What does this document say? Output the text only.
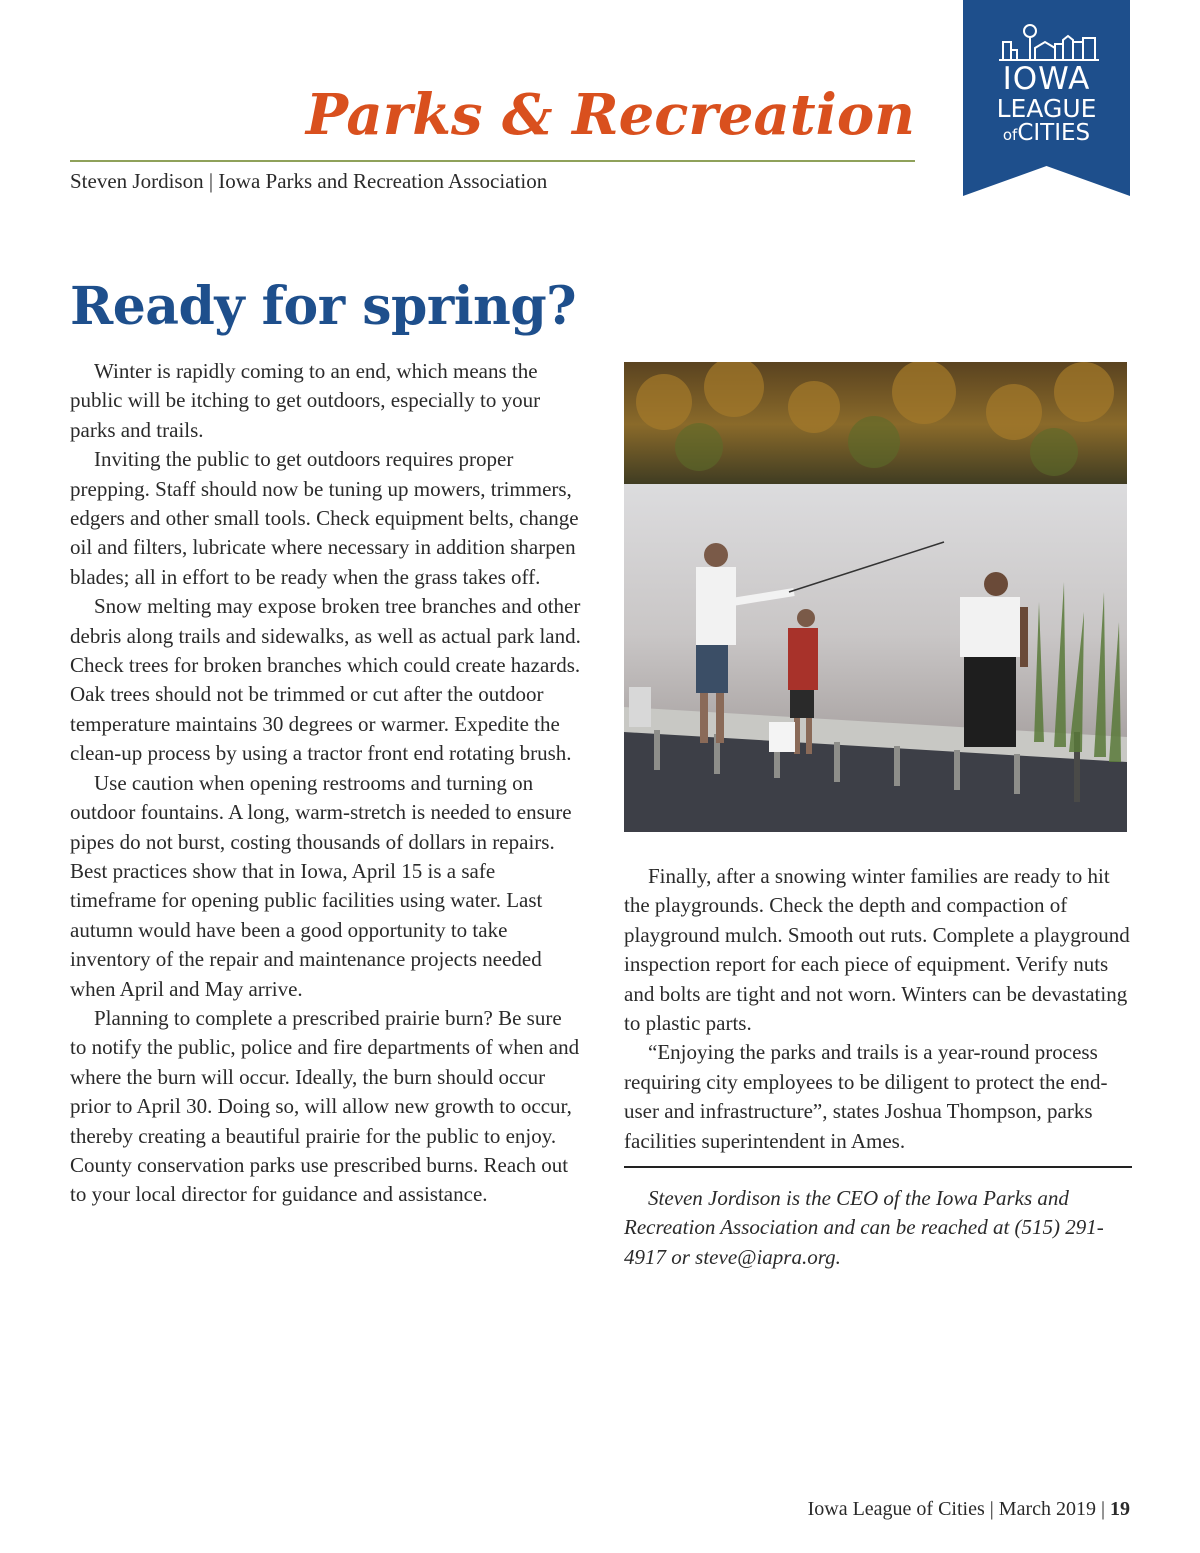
Parks & Recreation
Steven Jordison | Iowa Parks and Recreation Association
IOWA
LEAGUE
ofCITIES
Ready for spring?

Winter is rapidly coming to an end, which means the public will be itching to get outdoors, especially to your parks and trails.

Inviting the public to get outdoors requires proper prepping. Staff should now be tuning up mowers, trimmers, edgers and other small tools. Check equipment belts, change oil and filters, lubricate where necessary in addition sharpen blades; all in effort to be ready when the grass takes off.

Snow melting may expose broken tree branches and other debris along trails and sidewalks, as well as actual park land. Check trees for broken branches which could create hazards. Oak trees should not be trimmed or cut after the outdoor temperature maintains 30 degrees or warmer. Expedite the clean-up process by using a tractor front end rotating brush.

Use caution when opening restrooms and turning on outdoor fountains. A long, warm-stretch is needed to ensure pipes do not burst, costing thousands of dollars in repairs. Best practices show that in Iowa, April 15 is a safe timeframe for opening public facilities using water. Last autumn would have been a good opportunity to take inventory of the repair and maintenance projects needed when April and May arrive.

Planning to complete a prescribed prairie burn? Be sure to notify the public, police and fire departments of when and where the burn will occur. Ideally, the burn should occur prior to April 30. Doing so, will allow new growth to occur, thereby creating a beautiful prairie for the public to enjoy. County conservation parks use prescribed burns. Reach out to your local director for guidance and assistance.

Finally, after a snowing winter families are ready to hit the playgrounds. Check the depth and compaction of playground mulch. Smooth out ruts. Complete a playground inspection report for each piece of equipment. Verify nuts and bolts are tight and not worn. Winters can be devastating to plastic parts.

“Enjoying the parks and trails is a year-round process requiring city employees to be diligent to protect the end-user and infrastructure”, states Joshua Thompson, parks facilities superintendent in Ames.

Steven Jordison is the CEO of the Iowa Parks and Recreation Association and can be reached at (515) 291-4917 or steve@iapra.org.

Iowa League of Cities | March 2019 | 19
